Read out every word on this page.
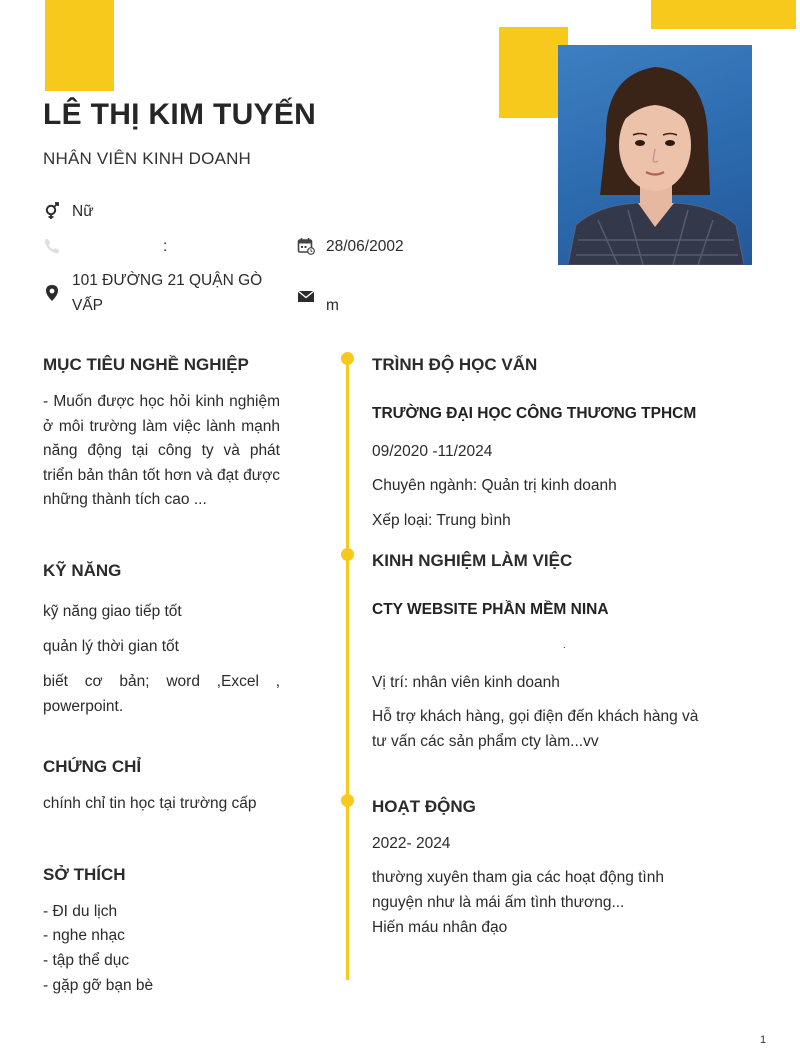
LÊ THỊ KIM TUYẾN
NHÂN VIÊN KINH DOANH
Nữ
:	28/06/2002
101 ĐƯỜNG 21 QUẬN GÒ VẤP	m
MỤC TIÊU NGHỀ NGHIỆP

- Muốn được học hỏi kinh nghiệm ở môi trường làm việc lành mạnh năng động tại công ty và phát triển bản thân tốt hơn và đạt được những thành tích cao ...

KỸ NĂNG

kỹ năng giao tiếp tốt

quản lý thời gian tốt

biết cơ bản; word ,Excel , powerpoint.

CHỨNG CHỈ

chính chỉ tin học tại trường cấp

SỞ THÍCH

- ĐI du lịch

- nghe nhạc

- tập thể dục

- gặp gỡ bạn bè

TRÌNH ĐỘ HỌC VẤN
TRƯỜNG ĐẠI HỌC CÔNG THƯƠNG TPHCM

09/2020 -11/2024

Chuyên ngành: Quản trị kinh doanh

Xếp loại: Trung bình

KINH NGHIỆM LÀM VIỆC
CTY WEBSITE PHẦN MỀM NINA

.

Vị trí: nhân viên kinh doanh

Hỗ trợ khách hàng, gọi điện đến khách hàng và tư vấn các sản phẩm cty làm...vv

HOẠT ĐỘNG

2022- 2024

thường xuyên tham gia các hoạt động tình nguyện như là mái ấm tình thương...

Hiến máu nhân đạo

1
